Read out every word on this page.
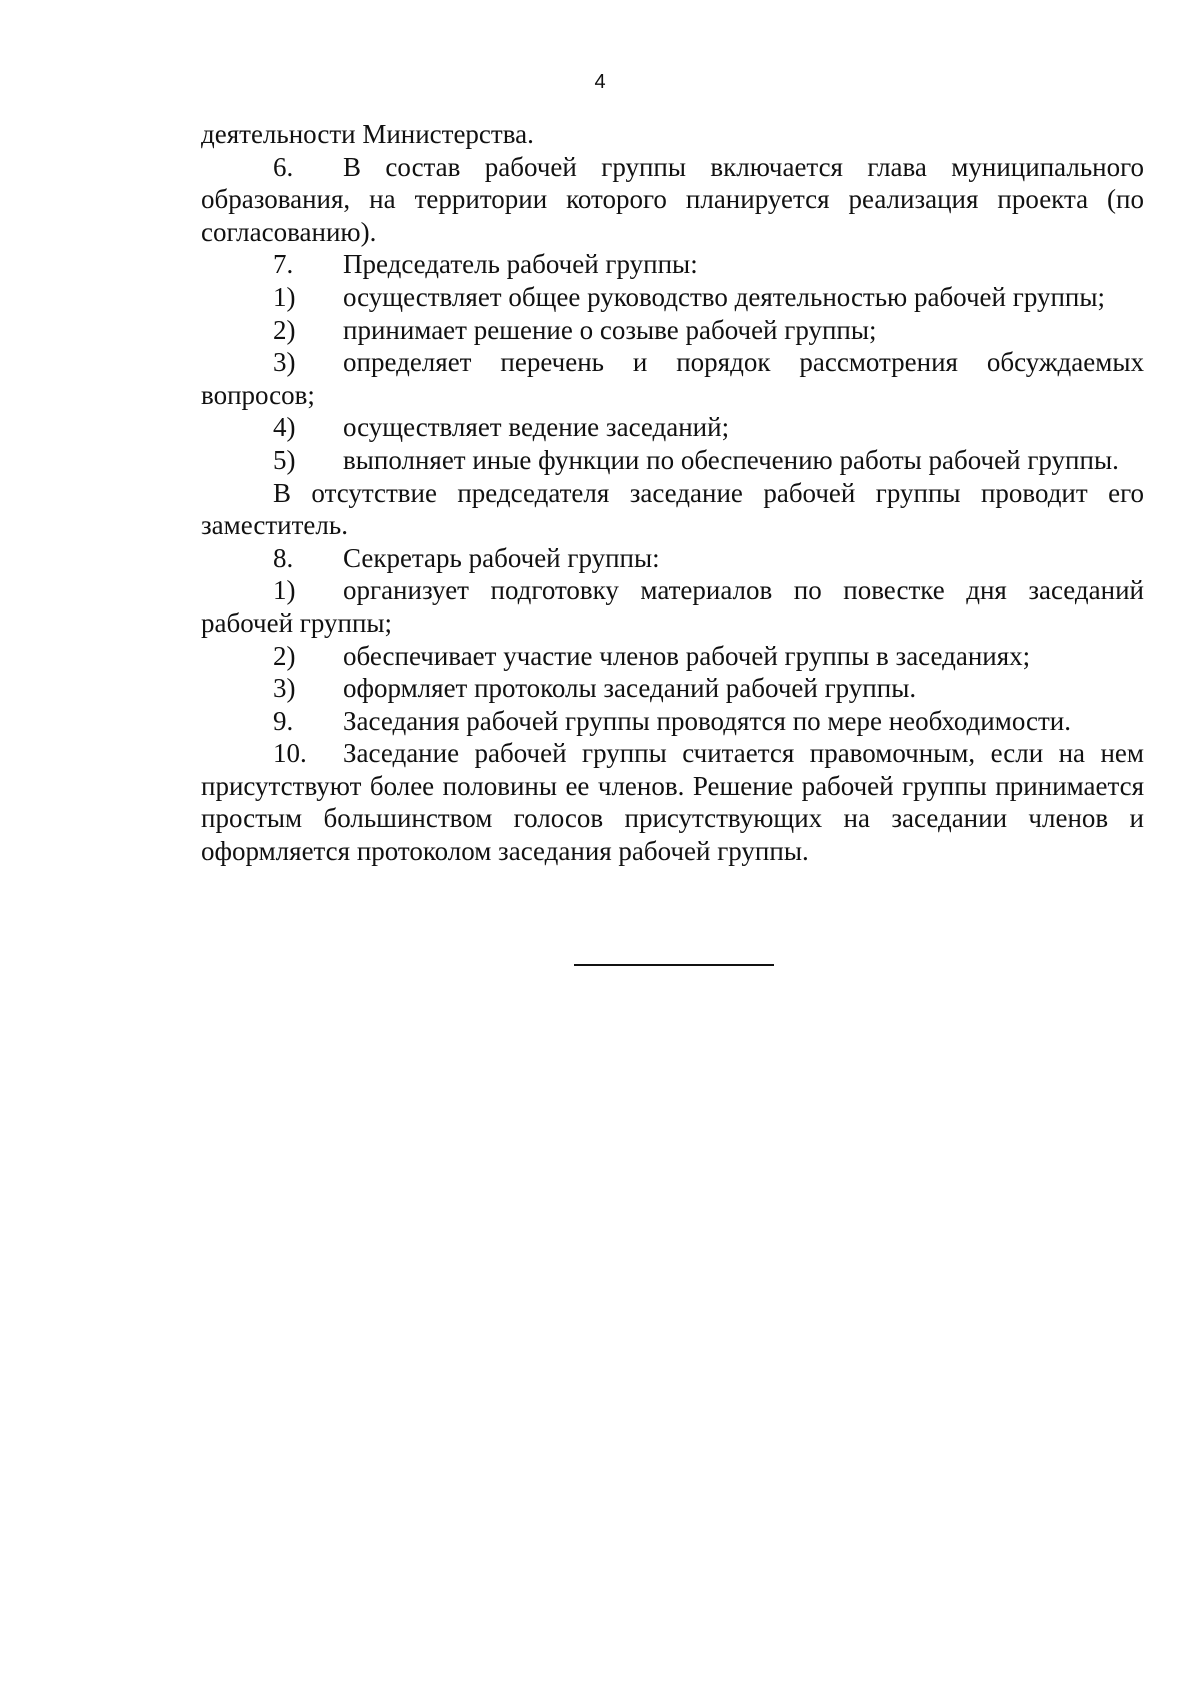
4

деятельности Министерства.

6. В состав рабочей группы включается глава муниципального образования, на территории которого планируется реализация проекта (по согласованию).

7. Председатель рабочей группы:

1) осуществляет общее руководство деятельностью рабочей группы;

2) принимает решение о созыве рабочей группы;

3) определяет перечень и порядок рассмотрения обсуждаемых вопросов;

4) осуществляет ведение заседаний;

5) выполняет иные функции по обеспечению работы рабочей группы.

В отсутствие председателя заседание рабочей группы проводит его заместитель.

8. Секретарь рабочей группы:

1) организует подготовку материалов по повестке дня заседаний рабочей группы;

2) обеспечивает участие членов рабочей группы в заседаниях;

3) оформляет протоколы заседаний рабочей группы.

9. Заседания рабочей группы проводятся по мере необходимости.

10. Заседание рабочей группы считается правомочным, если на нем присутствуют более половины ее членов. Решение рабочей группы принимается простым большинством голосов присутствующих на заседании членов и оформляется протоколом заседания рабочей группы.
